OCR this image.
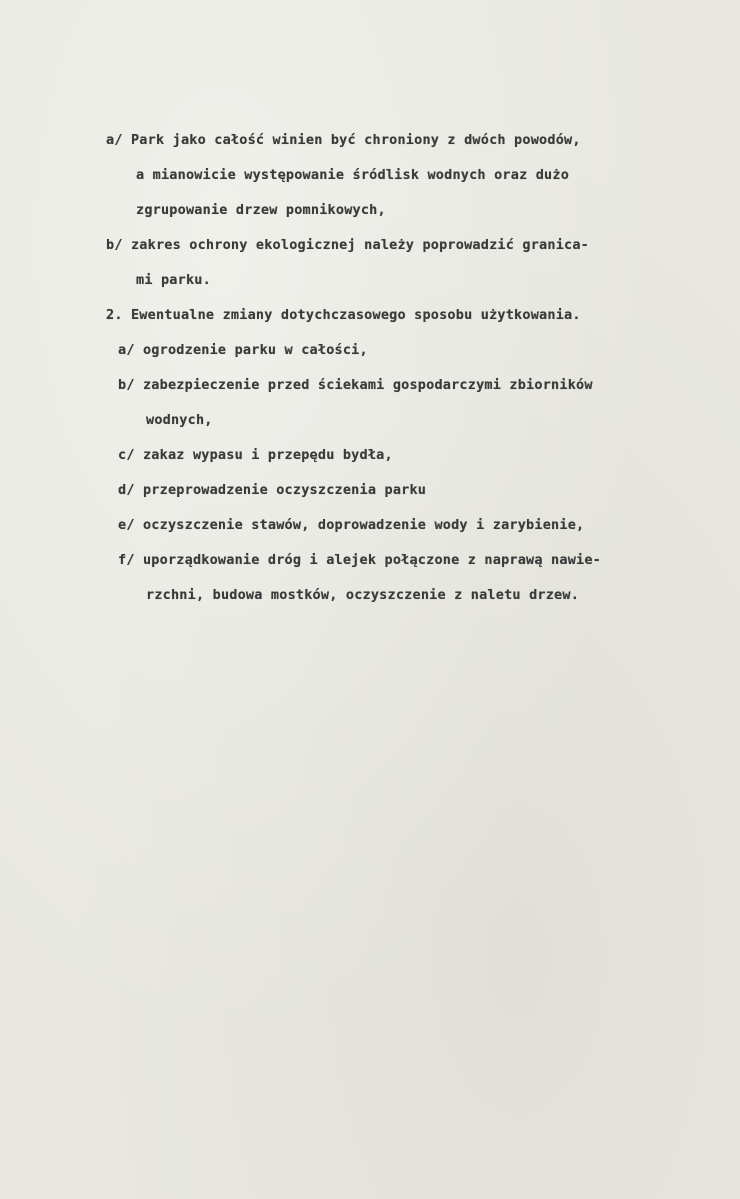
a/ Park jako całość winien być chroniony z dwóch powodów,
a mianowicie występowanie śródlisk wodnych oraz dużo
zgrupowanie drzew pomnikowych,
b/ zakres ochrony ekologicznej należy poprowadzić granica-
mi parku.
2. Ewentualne zmiany dotychczasowego sposobu użytkowania.
a/ ogrodzenie parku w całości,
b/ zabezpieczenie przed ściekami gospodarczymi zbiorników
wodnych,
c/ zakaz wypasu i przepędu bydła,
d/ przeprowadzenie oczyszczenia parku
e/ oczyszczenie stawów, doprowadzenie wody i zarybienie,
f/ uporządkowanie dróg i alejek połączone z naprawą nawie-
rzchni, budowa mostków, oczyszczenie z naletu drzew.
